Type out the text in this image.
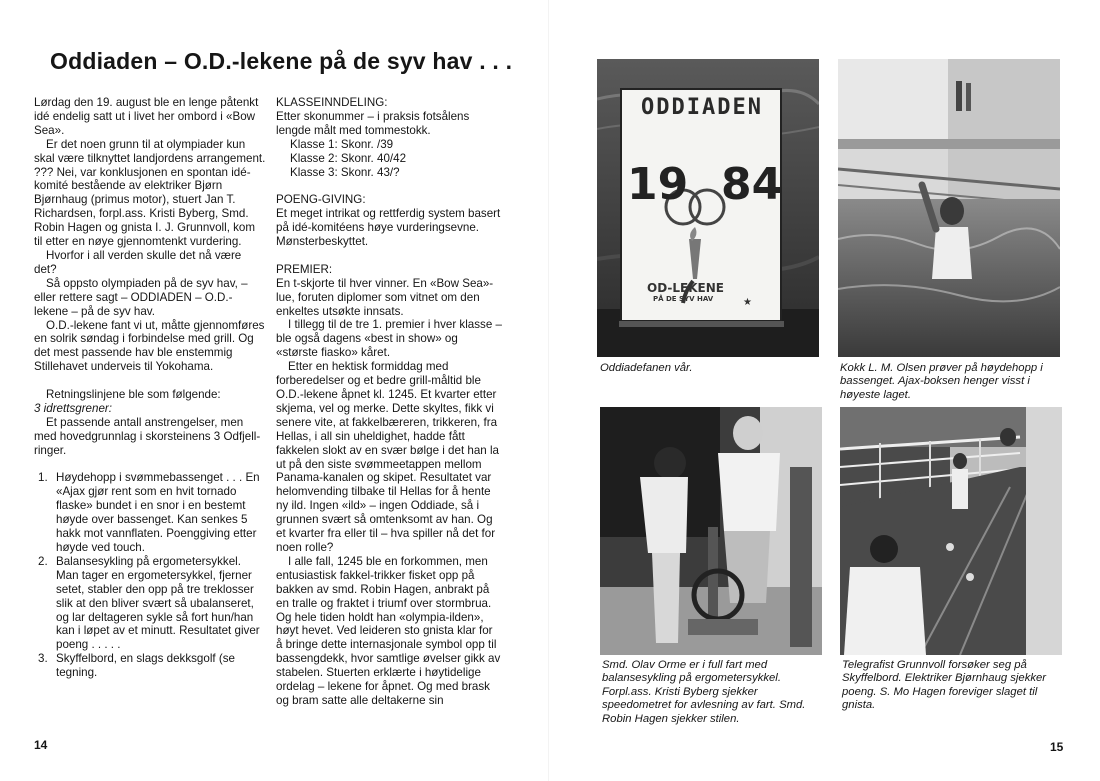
Oddiaden – O.D.-lekene på de syv hav . . .

Lørdag den 19. august ble en lenge påtenkt idé endelig satt ut i livet her ombord i «Bow Sea».

Er det noen grunn til at olympiader kun skal være tilknyttet landjordens arrangement. ??? Nei, var konklusjonen en spontan idé-komité bestående av elektriker Bjørn Bjørnhaug (primus motor), stuert Jan T. Richardsen, forpl.ass. Kristi Byberg, Smd. Robin Hagen og gnista I. J. Grunnvoll, kom til etter en nøye gjennomtenkt vurdering.

Hvorfor i all verden skulle det nå være det?

Så oppsto olympiaden på de syv hav, – eller rettere sagt – ODDIADEN – O.D.-lekene – på de syv hav.

O.D.-lekene fant vi ut, måtte gjennomføres en solrik søndag i forbindelse med grill. Og det mest passende hav ble enstemmig Stillehavet underveis til Yokohama.

Retningslinjene ble som følgende:

3 idrettsgrener:

Et passende antall anstrengelser, men med hovedgrunnlag i skorsteinens 3 Odfjell-ringer.

1. Høydehopp i svømmebassenget . . . En «Ajax gjør rent som en hvit tornado flaske» bundet i en snor i en bestemt høyde over bassenget. Kan senkes 5 hakk mot vannflaten. Poenggiving etter høyde ved touch.
2. Balansesykling på ergometersykkel. Man tager en ergometersykkel, fjerner setet, stabler den opp på tre treklosser slik at den bliver svært så ubalanseret, og lar deltageren sykle så fort hun/han kan i løpet av et minutt. Resultatet giver poeng . . . . .
3. Skyffelbord, en slags dekksgolf (se tegning.

KLASSEINNDELING:

Etter skonummer – i praksis fotsålens lengde målt med tommestokk.

Klasse 1: Skonr. /39

Klasse 2: Skonr. 40/42

Klasse 3: Skonr. 43/?

POENG-GIVING:

Et meget intrikat og rettferdig system basert på idé-komitéens høye vurderingsevne. Mønsterbeskyttet.

PREMIER:

En t-skjorte til hver vinner. En «Bow Sea»-lue, foruten diplomer som vitnet om den enkeltes utsøkte innsats.

I tillegg til de tre 1. premier i hver klasse – ble også dagens «best in show» og «største fiasko» kåret.

Etter en hektisk formiddag med forberedelser og et bedre grill-måltid ble O.D.-lekene åpnet kl. 1245. Et kvarter etter skjema, vel og merke. Dette skyltes, fikk vi senere vite, at fakkelbæreren, trikkeren, fra Hellas, i all sin uheldighet, hadde fått fakkelen slokt av en svær bølge i det han la ut på den siste svømmeetappen mellom Panama-kanalen og skipet. Resultatet var helomvending tilbake til Hellas for å hente ny ild. Ingen «ild» – ingen Oddiade, så i grunnen svært så omtenksomt av han. Og et kvarter fra eller til – hva spiller nå det for noen rolle?

I alle fall, 1245 ble en forkommen, men entusiastisk fakkel-trikker fisket opp på bakken av smd. Robin Hagen, anbrakt på en tralle og fraktet i triumf over stormbrua. Og hele tiden holdt han «olympia-ilden», høyt hevet. Ved leideren sto gnista klar for å bringe dette internasjonale symbol opp til bassengdekk, hvor samtlige øvelser gikk av stabelen. Stuerten erklærte i høytidelige ordelag – lekene for åpnet. Og med brask og bram satte alle deltakerne sin

14
★
ODDIADEN
19 84
OD-LEKENE
PÅ DE SYV HAV
Oddiadefanen vår.	Kokk L. M. Olsen prøver på høydehopp i bassenget. Ajax-boksen henger visst i høyeste laget.
Smd. Olav Orme er i full fart med balansesykling på ergometersykkel. Forpl.ass. Kristi Byberg sjekker speedometret for avlesning av fart. Smd. Robin Hagen sjekker stilen.
Telegrafist Grunnvoll forsøker seg på Skyffelbord. Elektriker Bjørnhaug sjekker poeng. S. Mo Hagen foreviger slaget til gnista.
15
